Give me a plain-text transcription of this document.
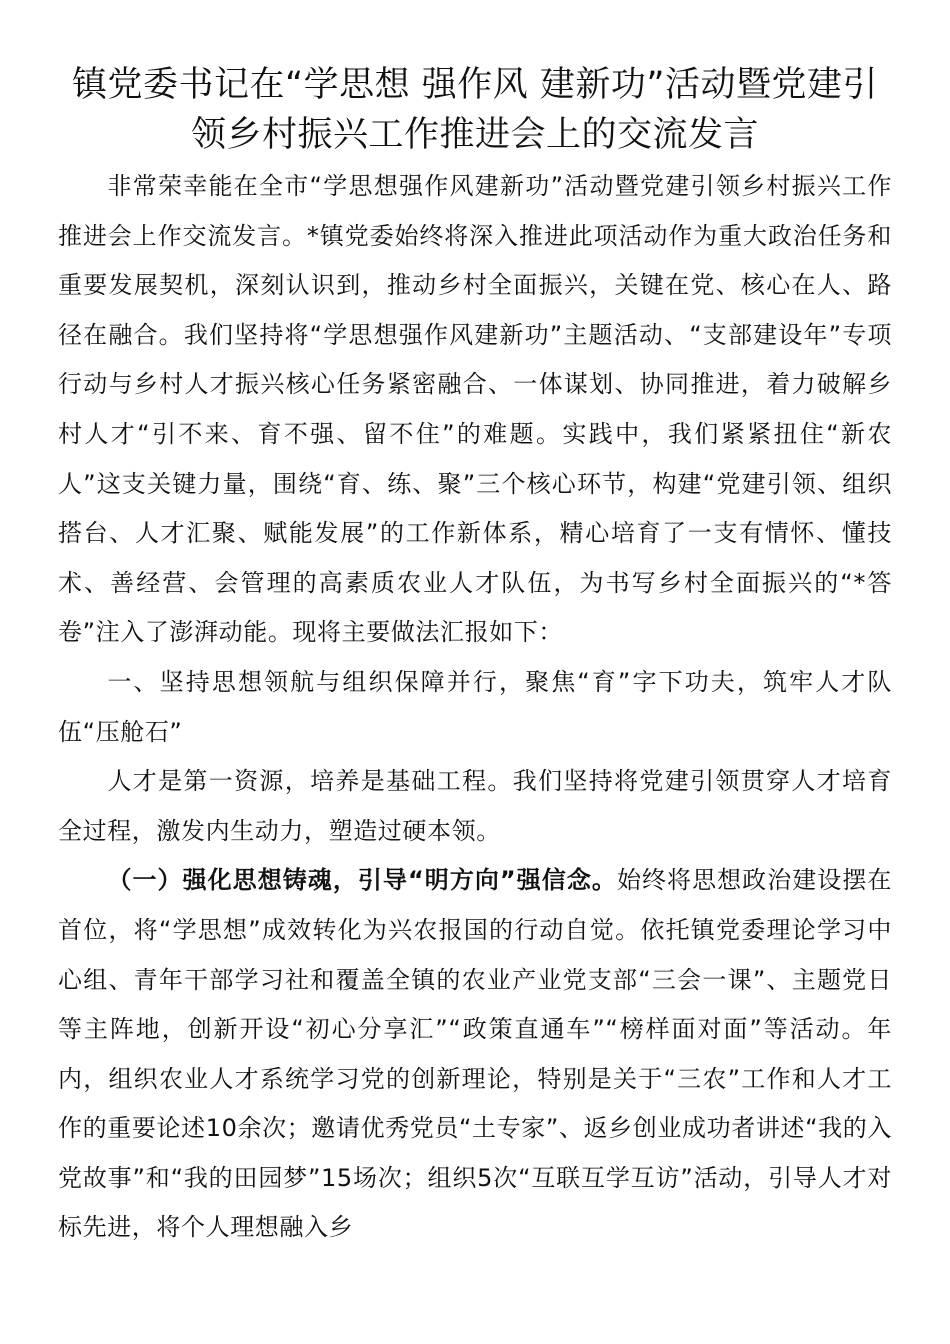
镇党委书记在“学思想 强作风 建新功”活动暨党建引领乡村振兴工作推进会上的交流发言

非常荣幸能在全市“学思想强作风建新功”活动暨党建引领乡村振兴工作推进会上作交流发言。*镇党委始终将深入推进此项活动作为重大政治任务和重要发展契机，深刻认识到，推动乡村全面振兴，关键在党、核心在人、路径在融合。我们坚持将“学思想强作风建新功”主题活动、“支部建设年”专项行动与乡村人才振兴核心任务紧密融合、一体谋划、协同推进，着力破解乡村人才“引不来、育不强、留不住”的难题。实践中，我们紧紧扭住“新农人”这支关键力量，围绕“育、练、聚”三个核心环节，构建“党建引领、组织搭台、人才汇聚、赋能发展”的工作新体系，精心培育了一支有情怀、懂技术、善经营、会管理的高素质农业人才队伍，为书写乡村全面振兴的“*答卷”注入了澎湃动能。现将主要做法汇报如下：

一、坚持思想领航与组织保障并行，聚焦“育”字下功夫，筑牢人才队伍“压舱石”

人才是第一资源，培养是基础工程。我们坚持将党建引领贯穿人才培育全过程，激发内生动力，塑造过硬本领。

（一）强化思想铸魂，引导“明方向”强信念。始终将思想政治建设摆在首位，将“学思想”成效转化为兴农报国的行动自觉。依托镇党委理论学习中心组、青年干部学习社和覆盖全镇的农业产业党支部“三会一课”、主题党日等主阵地，创新开设“初心分享汇”“政策直通车”“榜样面对面”等活动。年内，组织农业人才系统学习党的创新理论，特别是关于“三农”工作和人才工作的重要论述10余次；邀请优秀党员“土专家”、返乡创业成功者讲述“我的入党故事”和“我的田园梦”15场次；组织5次“互联互学互访”活动，引导人才对标先进，将个人理想融入乡
